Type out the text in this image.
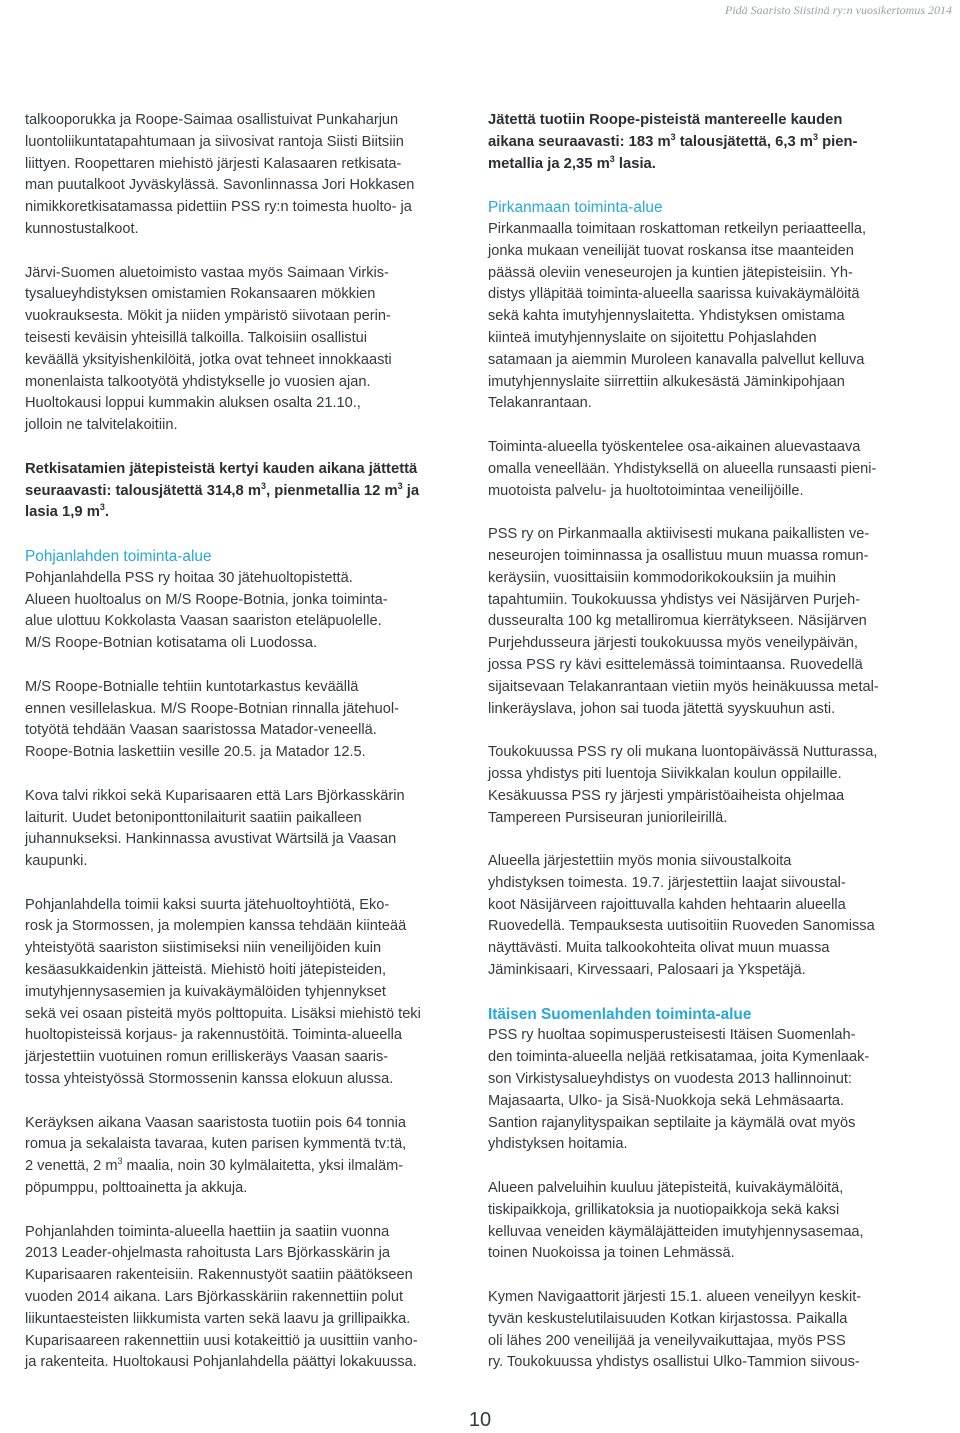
Pidä Saaristo Siistinä ry:n vuosikertomus 2014

talkooporukka ja Roope-Saimaa osallistuivat Punkaharjun
luontoliikuntatapahtumaan ja siivosivat rantoja Siisti Biitsiin
liittyen. Roopettaren miehistö järjesti Kalasaaren retkisata-
man puutalkoot Jyväskylässä. Savonlinnassa Jori Hokkasen
nimikkoretkisatamassa pidettiin PSS ry:n toimesta huolto- ja
kunnostustalkoot.

Järvi-Suomen aluetoimisto vastaa myös Saimaan Virkis-
tysalueyhdistyksen omistamien Rokansaaren mökkien
vuokrauksesta. Mökit ja niiden ympäristö siivotaan perin-
teisesti keväisin yhteisillä talkoilla. Talkoisiin osallistui
keväällä yksityishenkilöitä, jotka ovat tehneet innokkaasti
monenlaista talkootyötä yhdistykselle jo vuosien ajan.
Huoltokausi loppui kummakin aluksen osalta 21.10.,
jolloin ne talvitelakoitiin.

Retkisatamien jätepisteistä kertyi kauden aikana jättettä
seuraavasti: talousjätettä 314,8 $m^3$, pienmetallia 12 $m^3$ ja
lasia 1,9 $m^3$.

Pohjanlahden toiminta-alue

Pohjanlahdella PSS ry hoitaa 30 jätehuoltopistettä.
Alueen huoltoalus on M/S Roope-Botnia, jonka toiminta-
alue ulottuu Kokkolasta Vaasan saariston eteläpuolelle.
M/S Roope-Botnian kotisatama oli Luodossa.

M/S Roope-Botnialle tehtiin kuntotarkastus keväällä
ennen vesillelaskua. M/S Roope-Botnian rinnalla jätehuol-
totyötä tehdään Vaasan saaristossa Matador-veneellä.
Roope-Botnia laskettiin vesille 20.5. ja Matador 12.5.

Kova talvi rikkoi sekä Kuparisaaren että Lars Björkasskärin
laiturit. Uudet betoniponttonilaiturit saatiin paikalleen
juhannukseksi. Hankinnassa avustivat Wärtsilä ja Vaasan
kaupunki.

Pohjanlahdella toimii kaksi suurta jätehuoltoyhtiötä, Eko-
rosk ja Stormossen, ja molempien kanssa tehdään kiinteää
yhteistyötä saariston siistimiseksi niin veneilijöiden kuin
kesäasukkaidenkin jätteistä. Miehistö hoiti jätepisteiden,
imutyhjennysasemien ja kuivakäymälöiden tyhjennykset
sekä vei osaan pisteitä myös polttopuita. Lisäksi miehistö teki
huoltopisteissä korjaus- ja rakennustöitä. Toiminta-alueella
järjestettiin vuotuinen romun erilliskeräys Vaasan saaris-
tossa yhteistyössä Stormossenin kanssa elokuun alussa.

Keräyksen aikana Vaasan saaristosta tuotiin pois 64 tonnia
romua ja sekalaista tavaraa, kuten parisen kymmentä tv:tä,
2 venettä, 2 $m^3$ maalia, noin 30 kylmälaitetta, yksi ilmaläm-
pöpumppu, polttoainetta ja akkuja.

Pohjanlahden toiminta-alueella haettiin ja saatiin vuonna
2013 Leader-ohjelmasta rahoitusta Lars Björkasskärin ja
Kuparisaaren rakenteisiin. Rakennustyöt saatiin päätökseen
vuoden 2014 aikana. Lars Björkasskäriin rakennettiin polut
liikuntaesteisten liikkumista varten sekä laavu ja grillipaikka.
Kuparisaareen rakennettiin uusi kotakeittiö ja uusittiin vanho-
ja rakenteita. Huoltokausi Pohjanlahdella päättyi lokakuussa.

Jätettä tuotiin Roope-pisteistä mantereelle kauden
aikana seuraavasti: 183 $m^3$ talousjätettä, 6,3 $m^3$ pien-
metallia ja 2,35 $m^3$ lasia.

Pirkanmaan toiminta-alue

Pirkanmaalla toimitaan roskattoman retkeilyn periaatteella,
jonka mukaan veneilijät tuovat roskansa itse maanteiden
päässä oleviin veneseurojen ja kuntien jätepisteisiin. Yh-
distys ylläpitää toiminta-alueella saarissa kuivakäymälöitä
sekä kahta imutyhjennyslaitetta. Yhdistyksen omistama
kiinteä imutyhjennyslaite on sijoitettu Pohjaslahden
satamaan ja aiemmin Muroleen kanavalla palvellut kelluva
imutyhjennyslaite siirrettiin alkukesästä Jäminkipohjaan
Telakanrantaan.

Toiminta-alueella työskentelee osa-aikainen aluevastaava
omalla veneellään. Yhdistyksellä on alueella runsaasti pieni-
muotoista palvelu- ja huoltotoimintaa veneilijöille.

PSS ry on Pirkanmaalla aktiivisesti mukana paikallisten ve-
neseurojen toiminnassa ja osallistuu muun muassa romun-
keräysiin, vuosittaisiin kommodorikokouksiin ja muihin
tapahtumiin. Toukokuussa yhdistys vei Näsijärven Purjeh-
dusseuralta 100 kg metalliromua kierrätykseen. Näsijärven
Purjehdusseura järjesti toukokuussa myös veneilypäivän,
jossa PSS ry kävi esittelemässä toimintaansa. Ruovedellä
sijaitsevaan Telakanrantaan vietiin myös heinäkuussa metal-
linkeräyslava, johon sai tuoda jätettä syyskuuhun asti.

Toukokuussa PSS ry oli mukana luontopäivässä Nutturassa,
jossa yhdistys piti luentoja Siivikkalan koulun oppilaille.
Kesäkuussa PSS ry järjesti ympäristöaiheista ohjelmaa
Tampereen Pursiseuran juniorileirillä.

Alueella järjestettiin myös monia siivoustalkoita
yhdistyksen toimesta. 19.7. järjestettiin laajat siivoustal-
koot Näsijärveen rajoittuvalla kahden hehtaarin alueella
Ruovedellä. Tempauksesta uutisoitiin Ruoveden Sanomissa
näyttävästi. Muita talkookohteita olivat muun muassa
Jäminkisaari, Kirvessaari, Palosaari ja Ykspetäjä.

Itäisen Suomenlahden toiminta-alue

PSS ry huoltaa sopimusperusteisesti Itäisen Suomenlah-
den toiminta-alueella neljää retkisatamaa, joita Kymenlaak-
son Virkistysalueyhdistys on vuodesta 2013 hallinnoinut:
Majasaarta, Ulko- ja Sisä-Nuokkoja sekä Lehmäsaarta.
Santion rajanylityspaikan septilaite ja käymälä ovat myös
yhdistyksen hoitamia.

Alueen palveluihin kuuluu jätepisteitä, kuivakäymälöitä,
tiskipaikkoja, grillikatoksia ja nuotiopaikkoja sekä kaksi
kelluvaa veneiden käymäläjätteiden imutyhjennysasemaa,
toinen Nuokoissa ja toinen Lehmässä.

Kymen Navigaattorit järjesti 15.1. alueen veneilyyn keskit-
tyvän keskustelutilaisuuden Kotkan kirjastossa. Paikalla
oli lähes 200 veneilijää ja veneilyvaikuttajaa, myös PSS
ry. Toukokuussa yhdistys osallistui Ulko-Tammion siivous-

10
